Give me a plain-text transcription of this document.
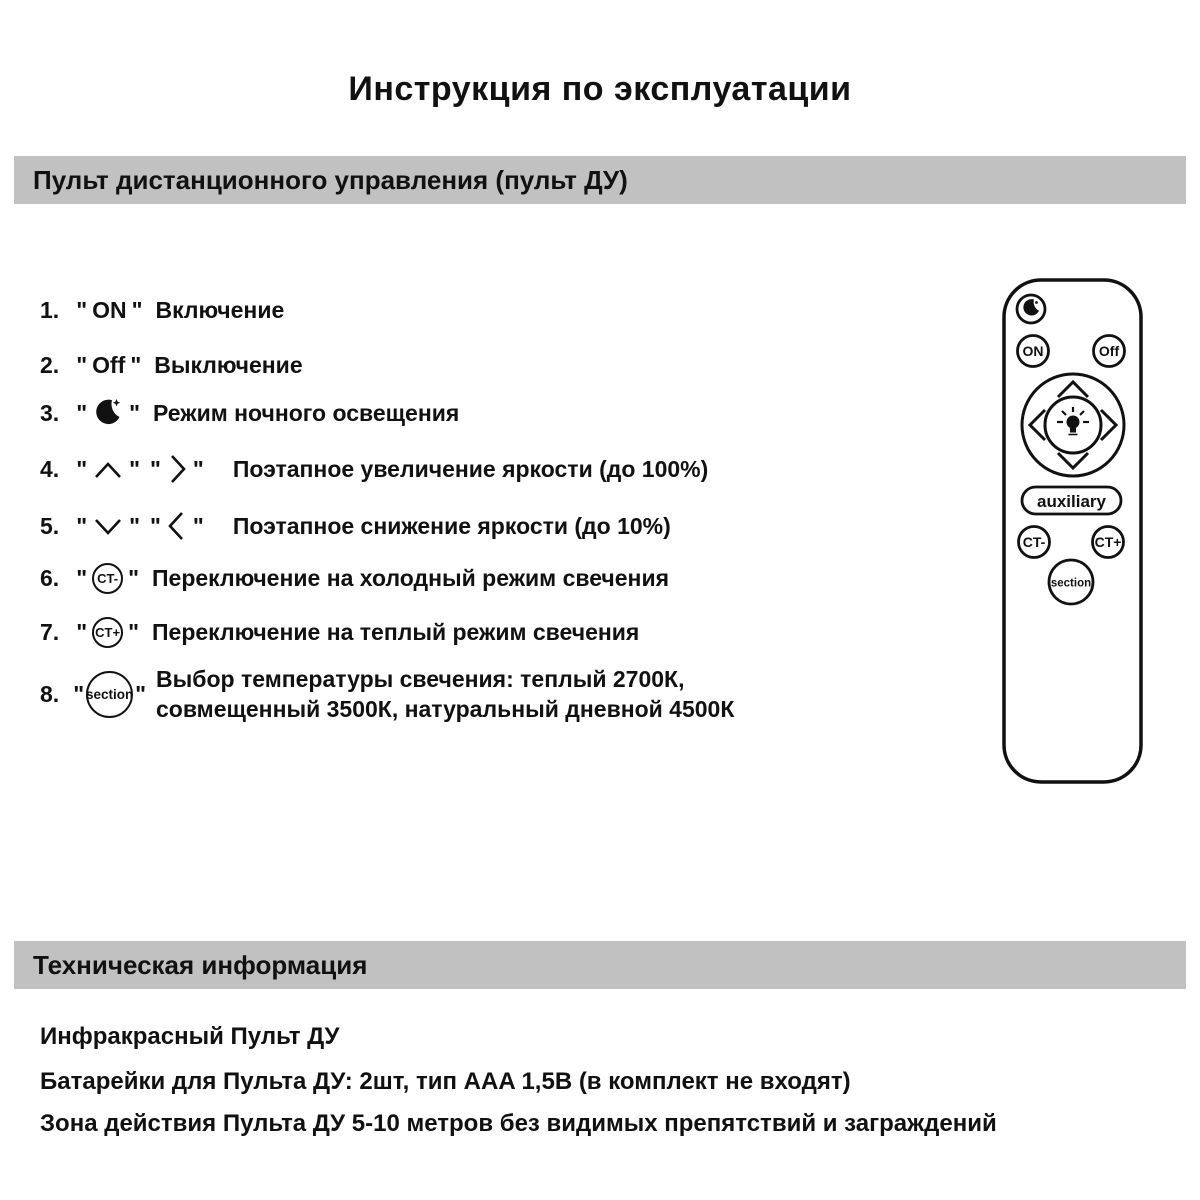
Инструкция по эксплуатации
Пульт дистанционного управления (пульт ДУ)
1. " ON " Включение
2. " Off " Выключение
3. " " Режим ночного освещения
4. " " " " Поэтапное увеличение яркости (до 100%)
5. " " " " Поэтапное снижение яркости (до 10%)
6. " CT- " Переключение на холодный режим свечения
7. " CT+ " Переключение на теплый режим свечения
8. " section "
Выбор температуры свечения: теплый 2700К,
совмещенный 3500К, натуральный дневной 4500К
ON	Off
auxiliary
CT-	CT+
section
Техническая информация
Инфракрасный Пульт ДУ
Батарейки для Пульта ДУ: 2шт, тип AAA 1,5В (в комплект не входят)
Зона действия Пульта ДУ 5-10 метров без видимых препятствий и заграждений
